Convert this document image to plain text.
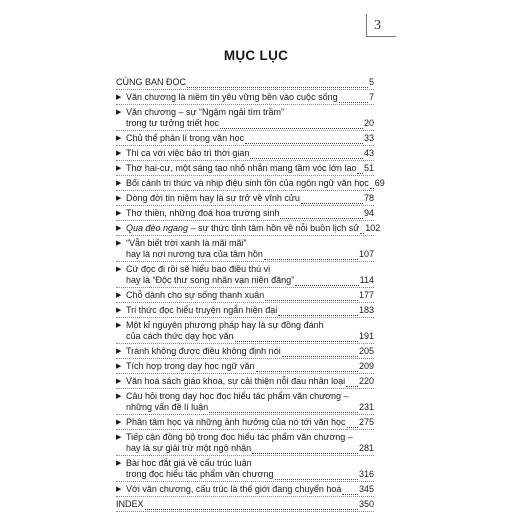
3
MỤC LỤC
CÙNG BẠN ĐỌC	5
▶ Văn chương là niềm tin yêu vững bền vào cuộc sống	7
▶ Văn chương – sự “Ngậm ngải tìm trầm”
trong tư tưởng triết học	20
▶ Chủ thể phản lí trong văn học	33
▶ Thi ca với việc bảo trì thời gian	43
▶ Thơ hai-cư, một sáng tạo nhỏ nhắn mang tầm vóc lớn lao 51
▶ Bối cảnh tri thức và nhịp điệu sinh tồn của ngôn ngữ văn học 69
▶ Dòng đời tin niệm hay là sự trở về vĩnh cửu	78
▶ Thơ thiền, những đoá hoa trường sinh	94
▶ Qua đèo ngang – sự thức tỉnh tâm hồn về nỗi buồn lịch sử 102
▶ “Vẫn biết trời xanh là mãi mãi”
hay là nơi nương tựa của tâm hồn	107
▶ Cứ đọc đi rồi sẽ hiểu bao điều thú vị
hay là “Độc thư song nhãn vạn niên đăng”	114
▶ Chỗ dành cho sự sống thanh xuân	177
▶ Tri thức đọc hiểu truyện ngắn hiện đại	183
▶ Một kỉ nguyên phương pháp hay là sự đồng đánh
của cách thức dạy học văn	191
▶ Tránh không được điều không định nói	205
▶ Tích hợp trong dạy học ngữ văn	209
▶ Văn hoá sách giáo khoa, sự cải thiện nỗi đau nhân loại 220
▶ Câu hỏi trong dạy học đọc hiểu tác phẩm văn chương –
những vấn đề lí luận	231
▶ Phân tâm học và những ảnh hưởng của nó tới văn học 275
▶ Tiếp cận đồng bộ trong đọc hiểu tác phẩm văn chương –
hay là sự giải trừ một ngộ nhận	281
▶ Bài học đắt giá về cấu trúc luận
trong đọc hiểu tác phẩm văn chương	316
▶ Với văn chương, cấu trúc là thế giới đang chuyển hoá 345
INDEX	350
